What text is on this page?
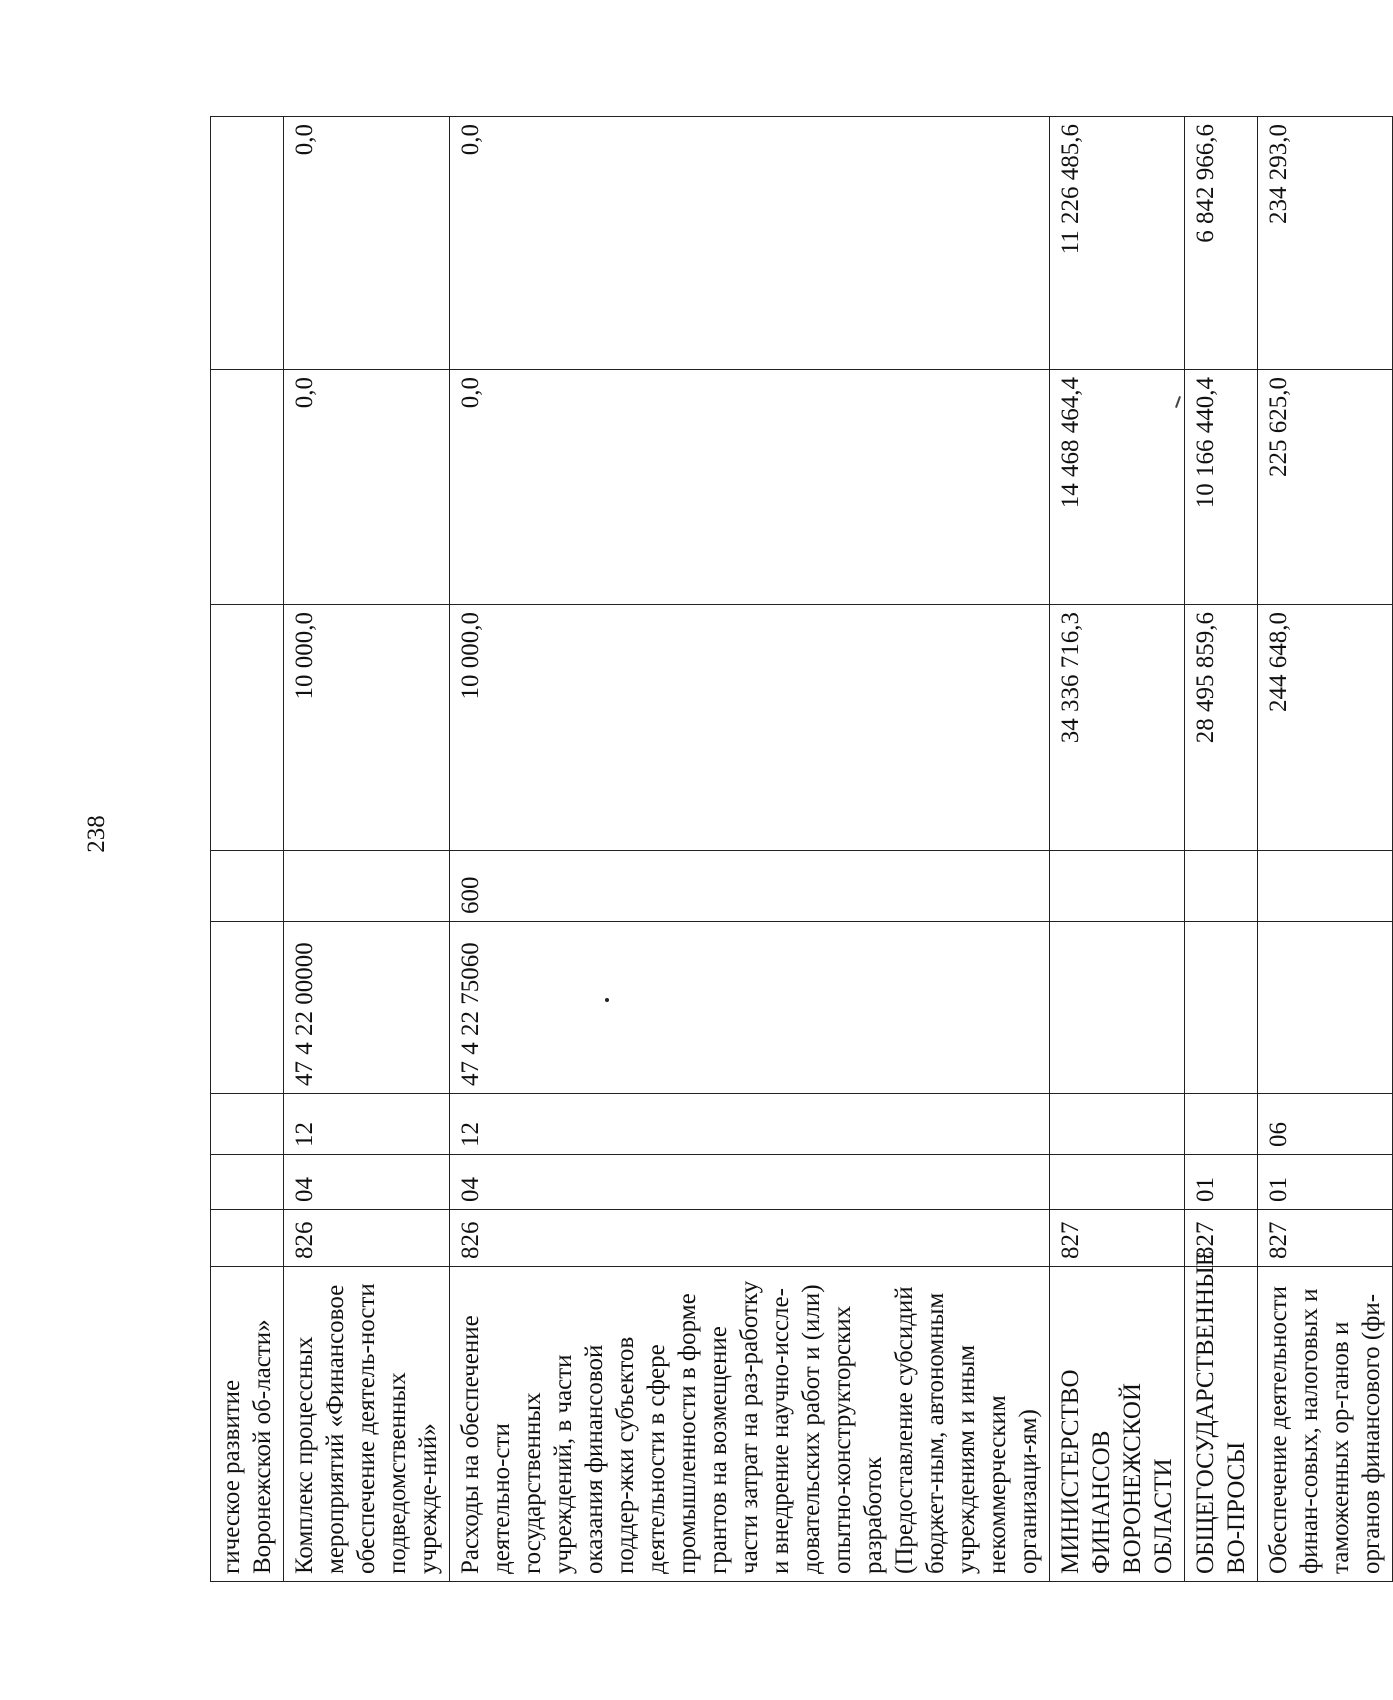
238
гическое развитие Воронежской об-ласти»								
Комплекс процессных мероприятий «Финансовое обеспечение деятель-ности подведомственных учрежде-ний»	826	04	12	47 4 22 00000		10 000,0	0,0	0,0
Расходы на обеспечение деятельно-сти государственных учреждений, в части оказания финансовой поддер-жки субъектов деятельности в сфере промышленности в форме грантов на возмещение части затрат на раз-работку и внедрение научно-иссле-довательских работ и (или) опытно-конструкторских разработок (Предоставление субсидий бюджет-ным, автономным учреждениям и иным некоммерческим организаци-ям)	826	04	12	47 4 22 75060	600	10 000,0	0,0	0,0
МИНИСТЕРСТВО ФИНАНСОВ ВОРОНЕЖСКОЙ ОБЛАСТИ	827					34 336 716,3	14 468 464,4	11 226 485,6
ОБЩЕГОСУДАРСТВЕННЫЕ ВО-ПРОСЫ	827	01				28 495 859,6	10 166 440,4	6 842 966,6
Обеспечение деятельности финан-совых, налоговых и таможенных ор-ганов и органов финансового (фи-	827	01	06			244 648,0	225 625,0	234 293,0
